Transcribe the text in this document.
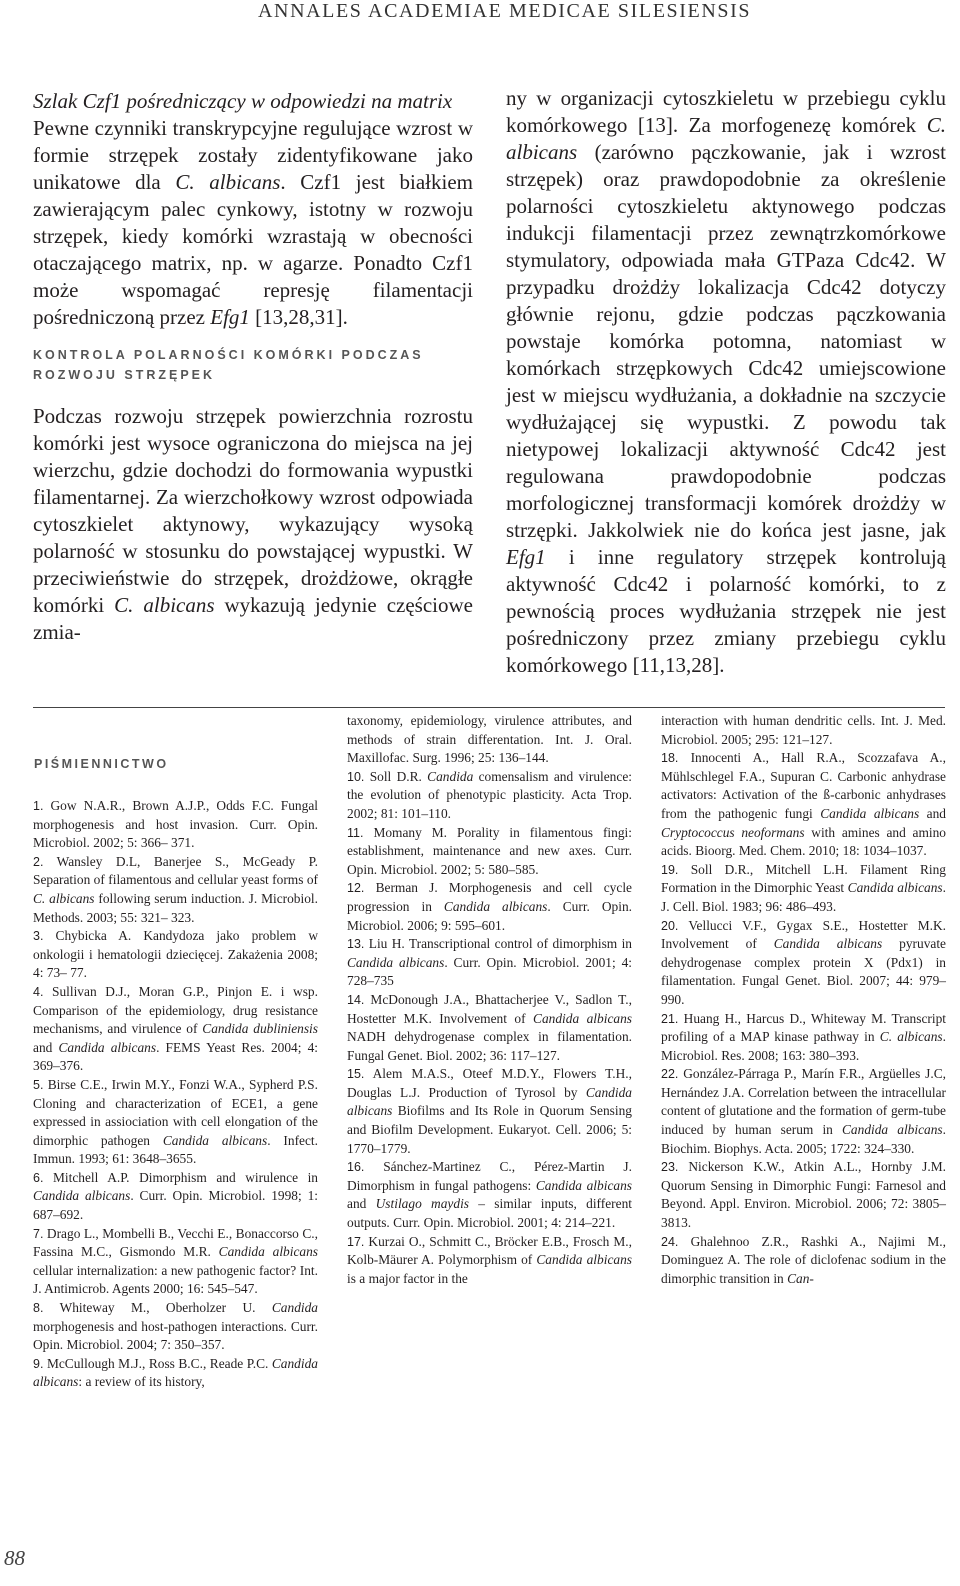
ANNALES ACADEMIAE MEDICAE SILESIENSIS
Szlak Czf1 pośredniczący w odpowiedzi na matrix
Pewne czynniki transkrypcyjne regulujące wzrost w formie strzępek zostały zidentyfikowane jako unikatowe dla C. albicans. Czf1 jest białkiem zawierającym palec cynkowy, istotny w rozwoju strzępek, kiedy komórki wzrastają w obecności otaczającego matrix, np. w agarze. Ponadto Czf1 może wspomagać represję filamentacji pośredniczoną przez Efg1 [13,28,31].
KONTROLA POLARNOŚCI KOMÓRKI PODCZAS ROZWOJU STRZĘPEK
Podczas rozwoju strzępek powierzchnia rozrostu komórki jest wysoce ograniczona do miejsca na jej wierzchu, gdzie dochodzi do formowania wypustki filamentarnej. Za wierzchołkowy wzrost odpowiada cytoszkielet aktynowy, wykazujący wysoką polarność w stosunku do powstającej wypustki. W przeciwieństwie do strzępek, drożdżowe, okrągłe komórki C. albicans wykazują jedynie częściowe zmia-
ny w organizacji cytoszkieletu w przebiegu cyklu komórkowego [13]. Za morfogenezę komórek C. albicans (zarówno pączkowanie, jak i wzrost strzępek) oraz prawdopodobnie za określenie polarności cytoszkieletu aktynowego podczas indukcji filamentacji przez zewnątrzkomórkowe stymulatory, odpowiada mała GTPaza Cdc42. W przypadku drożdży lokalizacja Cdc42 dotyczy głównie rejonu, gdzie podczas pączkowania powstaje komórka potomna, natomiast w komórkach strzępkowych Cdc42 umiejscowione jest w miejscu wydłużania, a dokładnie na szczycie wydłużającej się wypustki. Z powodu tak nietypowej lokalizacji aktywność Cdc42 jest regulowana prawdopodobnie podczas morfologicznej transformacji komórek drożdży w strzępki. Jakkolwiek nie do końca jest jasne, jak Efg1 i inne regulatory strzępek kontrolują aktywność Cdc42 i polarność komórki, to z pewnością proces wydłużania strzępek nie jest pośredniczony przez zmiany przebiegu cyklu komórkowego [11,13,28].
PIŚMIENNICTWO
1. Gow N.A.R., Brown A.J.P., Odds F.C. Fungal morphogenesis and host invasion. Curr. Opin. Microbiol. 2002; 5: 366– 371.
2. Wansley D.L, Banerjee S., McGeady P. Separation of filamentous and cellular yeast forms of C. albicans following serum induction. J. Microbiol. Methods. 2003; 55: 321– 323.
3. Chybicka A. Kandydoza jako problem w onkologii i hematologii dziecięcej. Zakażenia 2008; 4: 73– 77.
4. Sullivan D.J., Moran G.P., Pinjon E. i wsp. Comparison of the epidemiology, drug resistance mechanisms, and virulence of Candida dubliniensis and Candida albicans. FEMS Yeast Res. 2004; 4: 369–376.
5. Birse C.E., Irwin M.Y., Fonzi W.A., Sypherd P.S. Cloning and characterization of ECE1, a gene expressed in assiociation with cell elongation of the dimorphic pathogen Candida albicans. Infect. Immun. 1993; 61: 3648–3655.
6. Mitchell A.P. Dimorphism and wirulence in Candida albicans. Curr. Opin. Microbiol. 1998; 1: 687–692.
7. Drago L., Mombelli B., Vecchi E., Bonaccorso C., Fassina M.C., Gismondo M.R. Candida albicans cellular internalization: a new pathogenic factor? Int. J. Antimicrob. Agents 2000; 16: 545–547.
8. Whiteway M., Oberholzer U. Candida morphogenesis and host-pathogen interactions. Curr. Opin. Microbiol. 2004; 7: 350–357.
9. McCullough M.J., Ross B.C., Reade P.C. Candida albicans: a review of its history,
taxonomy, epidemiology, virulence attributes, and methods of strain differentation. Int. J. Oral. Maxillofac. Surg. 1996; 25: 136–144.
10. Soll D.R. Candida comensalism and virulence: the evolution of phenotypic plasticity. Acta Trop. 2002; 81: 101–110.
11. Momany M. Porality in filamentous fingi: establishment, maintenance and new axes. Curr. Opin. Microbiol. 2002; 5: 580–585.
12. Berman J. Morphogenesis and cell cycle progression in Candida albicans. Curr. Opin. Microbiol. 2006; 9: 595–601.
13. Liu H. Transcriptional control of dimorphism in Candida albicans. Curr. Opin. Microbiol. 2001; 4: 728–735
14. McDonough J.A., Bhattacherjee V., Sadlon T., Hostetter M.K. Involvement of Candida albicans NADH dehydrogenase complex in filamentation. Fungal Genet. Biol. 2002; 36: 117–127.
15. Alem M.A.S., Oteef M.D.Y., Flowers T.H., Douglas L.J. Production of Tyrosol by Candida albicans Biofilms and Its Role in Quorum Sensing and Biofilm Development. Eukaryot. Cell. 2006; 5: 1770–1779.
16. Sánchez-Martinez C., Pérez-Martin J. Dimorphism in fungal pathogens: Candida albicans and Ustilago maydis – similar inputs, different outputs. Curr. Opin. Microbiol. 2001; 4: 214–221.
17. Kurzai O., Schmitt C., Bröcker E.B., Frosch M., Kolb-Mäurer A. Polymorphism of Candida albicans is a major factor in the
interaction with human dendritic cells. Int. J. Med. Microbiol. 2005; 295: 121–127.
18. Innocenti A., Hall R.A., Scozzafava A., Mühlschlegel F.A., Supuran C. Carbonic anhydrase activators: Activation of the ß-carbonic anhydrases from the pathogenic fungi Candida albicans and Cryptococcus neoformans with amines and amino acids. Bioorg. Med. Chem. 2010; 18: 1034–1037.
19. Soll D.R., Mitchell L.H. Filament Ring Formation in the Dimorphic Yeast Candida albicans. J. Cell. Biol. 1983; 96: 486–493.
20. Vellucci V.F., Gygax S.E., Hostetter M.K. Involvement of Candida albicans pyruvate dehydrogenase complex protein X (Pdx1) in filamentation. Fungal Genet. Biol. 2007; 44: 979–990.
21. Huang H., Harcus D., Whiteway M. Transcript profiling of a MAP kinase pathway in C. albicans. Microbiol. Res. 2008; 163: 380–393.
22. González-Párraga P., Marín F.R., Argüelles J.C, Hernández J.A. Correlation between the intracellular content of glutatione and the formation of germ-tube induced by human serum in Candida albicans. Biochim. Biophys. Acta. 2005; 1722: 324–330.
23. Nickerson K.W., Atkin A.L., Hornby J.M. Quorum Sensing in Dimorphic Fungi: Farnesol and Beyond. Appl. Environ. Microbiol. 2006; 72: 3805–3813.
24. Ghalehnoo Z.R., Rashki A., Najimi M., Dominguez A. The role of diclofenac sodium in the dimorphic transition in Can-
88
